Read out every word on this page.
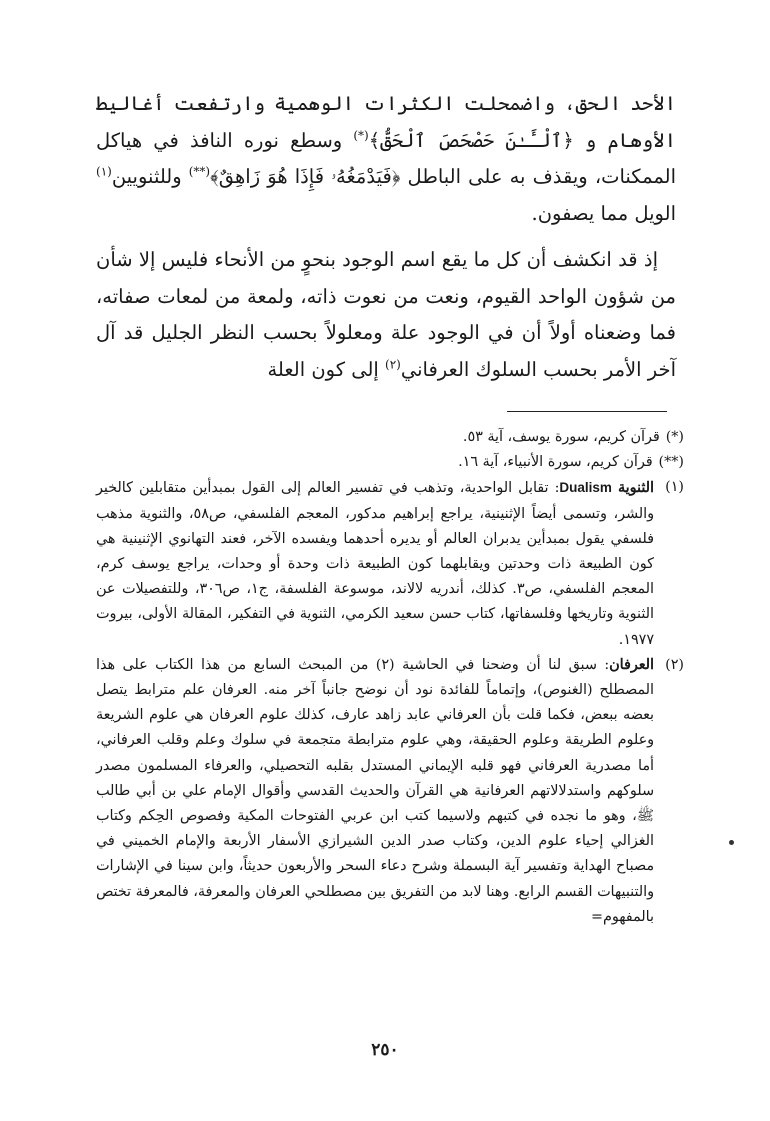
الأحد الحق، واضمحلت الكثرات الوهمية وارتفعت أغاليط الأوهام و ﴿ٱلْـَٔـٰنَ حَصْحَصَ ٱلْحَقُّ﴾(*) وسطع نوره النافذ في هياكل الممكنات، ويقذف به على الباطل ﴿فَيَدْمَغُهُۥ فَإِذَا هُوَ زَاهِقٌ﴾(**) وللثنويين$^{(١)}$ الويل مما يصفون.

إذ قد انكشف أن كل ما يقع اسم الوجود بنحوٍ من الأنحاء فليس إلا شأن من شؤون الواحد القيوم، ونعت من نعوت ذاته، ولمعة من لمعات صفاته، فما وضعناه أولاً أن في الوجود علة ومعلولاً بحسب النظر الجليل قد آل آخر الأمر بحسب السلوك العرفاني$^{(٢)}$ إلى كون العلة

(*)
قرآن كريم، سورة يوسف، آية ٥٣.
(**)
قرآن كريم، سورة الأنبياء، آية ١٦.
(١)
الثنوية Dualism: تقابل الواحدية، وتذهب في تفسير العالم إلى القول بمبدأين متقابلين كالخير والشر، وتسمى أيضاً الإثنينية، يراجع إبراهيم مدكور، المعجم الفلسفي، ص٥٨، والثنوية مذهب فلسفي يقول بمبدأين يدبران العالم أو يديره أحدهما ويفسده الآخر، فعند التهانوي الإثنينية هي كون الطبيعة ذات وحدتين ويقابلهما كون الطبيعة ذات وحدة أو وحدات، يراجع يوسف كرم، المعجم الفلسفي، ص٣. كذلك، أندريه لالاند، موسوعة الفلسفة، ج١، ص٣٠٦، وللتفصيلات عن الثنوية وتاريخها وفلسفاتها، كتاب حسن سعيد الكرمي، الثنوية في التفكير، المقالة الأولى، بيروت ١٩٧٧.
(٢)
العرفان: سبق لنا أن وضحنا في الحاشية (٢) من المبحث السابع من هذا الكتاب على هذا المصطلح (الغنوص)، وإتماماً للفائدة نود أن نوضح جانباً آخر منه. العرفان علم مترابط يتصل بعضه ببعض، فكما قلت بأن العرفاني عابد زاهد عارف، كذلك علوم العرفان هي علوم الشريعة وعلوم الطريقة وعلوم الحقيقة، وهي علوم مترابطة متجمعة في سلوك وعلم وقلب العرفاني، أما مصدرية العرفاني فهو قلبه الإيماني المستدل بقلبه التحصيلي، والعرفاء المسلمون مصدر سلوكهم واستدلالاتهم العرفانية هي القرآن والحديث القدسي وأقوال الإمام علي بن أبي طالب ﷺ، وهو ما نجده في كتبهم ولاسيما كتب ابن عربي الفتوحات المكية وفصوص الحِكم وكتاب الغزالي إحياء علوم الدين، وكتاب صدر الدين الشيرازي الأسفار الأربعة والإمام الخميني في مصباح الهداية وتفسير آية البسملة وشرح دعاء السحر والأربعون حديثاً، وابن سينا في الإشارات والتنبيهات القسم الرابع. وهنا لابد من التفريق بين مصطلحي العرفان والمعرفة، فالمعرفة تختص بالمفهوم=
٢٥٠
